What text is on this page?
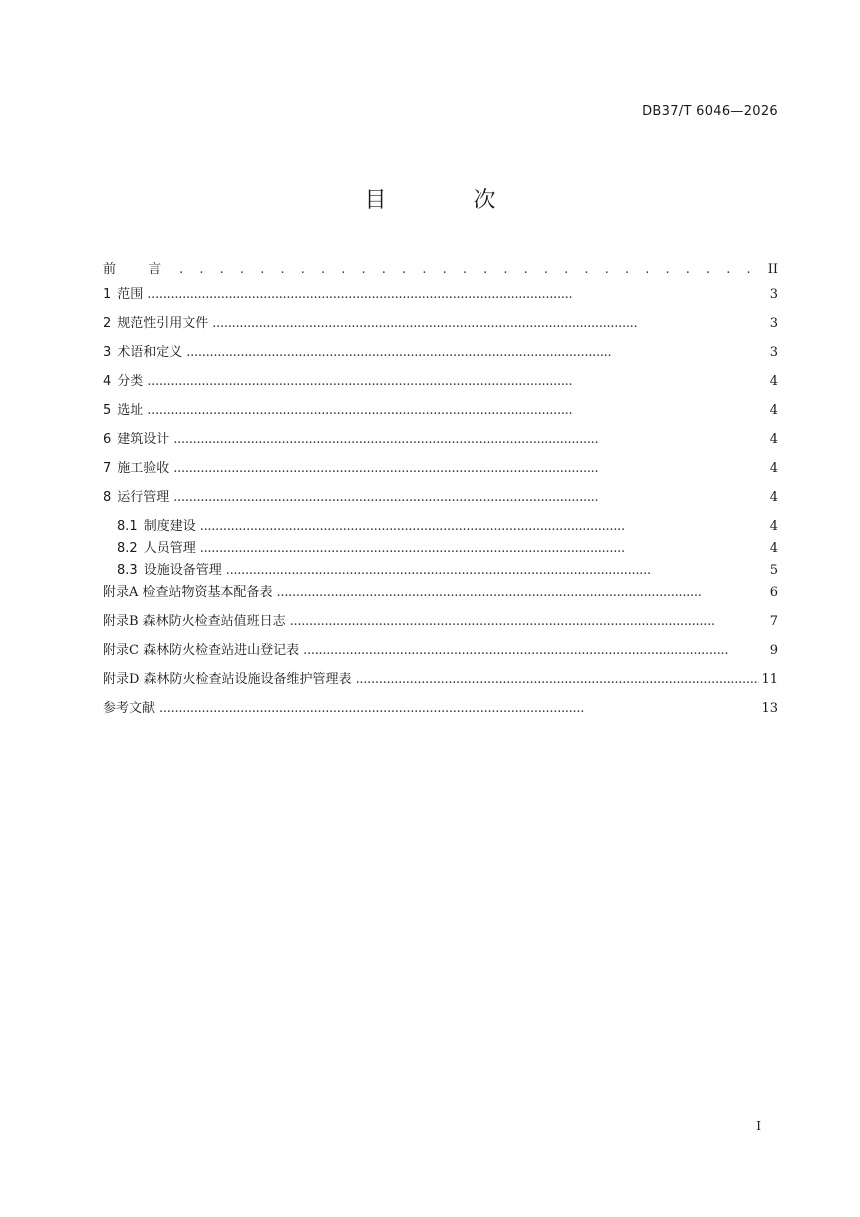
DB37/T 6046—2026
目 次
前 言 . . .	II
1 范围 . . .	3
2 规范性引用文件 . . .	3
3 术语和定义 . . .	3
4 分类 . . .	4
5 选址 . . .	4
6 建筑设计 . . .	4
7 施工验收 . . .	4
8 运行管理 . . .	4
8.1 制度建设 . . .	4
8.2 人员管理 . . .	4
8.3 设施设备管理 . . .	5
附录A 检查站物资基本配备表 . . .	6
附录B 森林防火检查站值班日志 . . .	7
附录C 森林防火检查站进山登记表 . . .	9
附录D 森林防火检查站设施设备维护管理表 . . .	11
参考文献 . . .	13
I
